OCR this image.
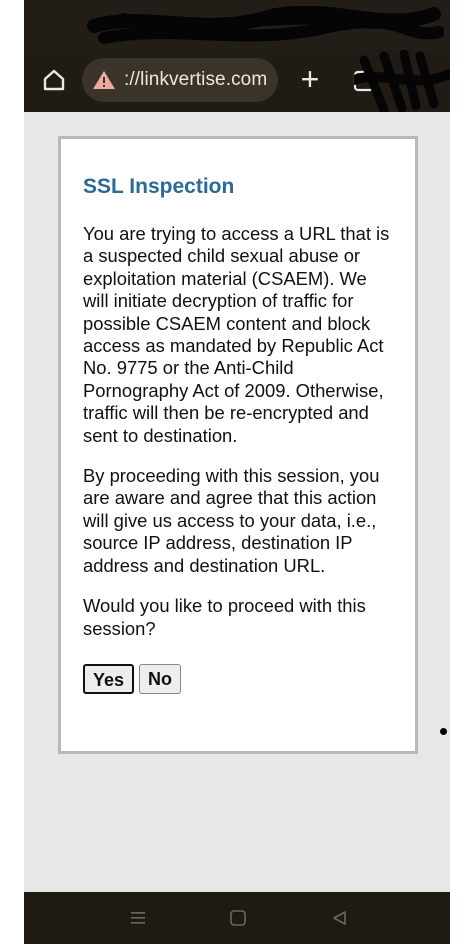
://linkvertise.com +
SSL Inspection

You are trying to access a URL that is a suspected child sexual abuse or exploitation material (CSAEM). We will initiate decryption of traffic for possible CSAEM content and block access as mandated by Republic Act No. 9775 or the Anti-Child Pornography Act of 2009. Otherwise, traffic will then be re-encrypted and sent to destination.

By proceeding with this session, you are aware and agree that this action will give us access to your data, i.e., source IP address, destination IP address and destination URL.

Would you like to proceed with this session?

Yes	No
